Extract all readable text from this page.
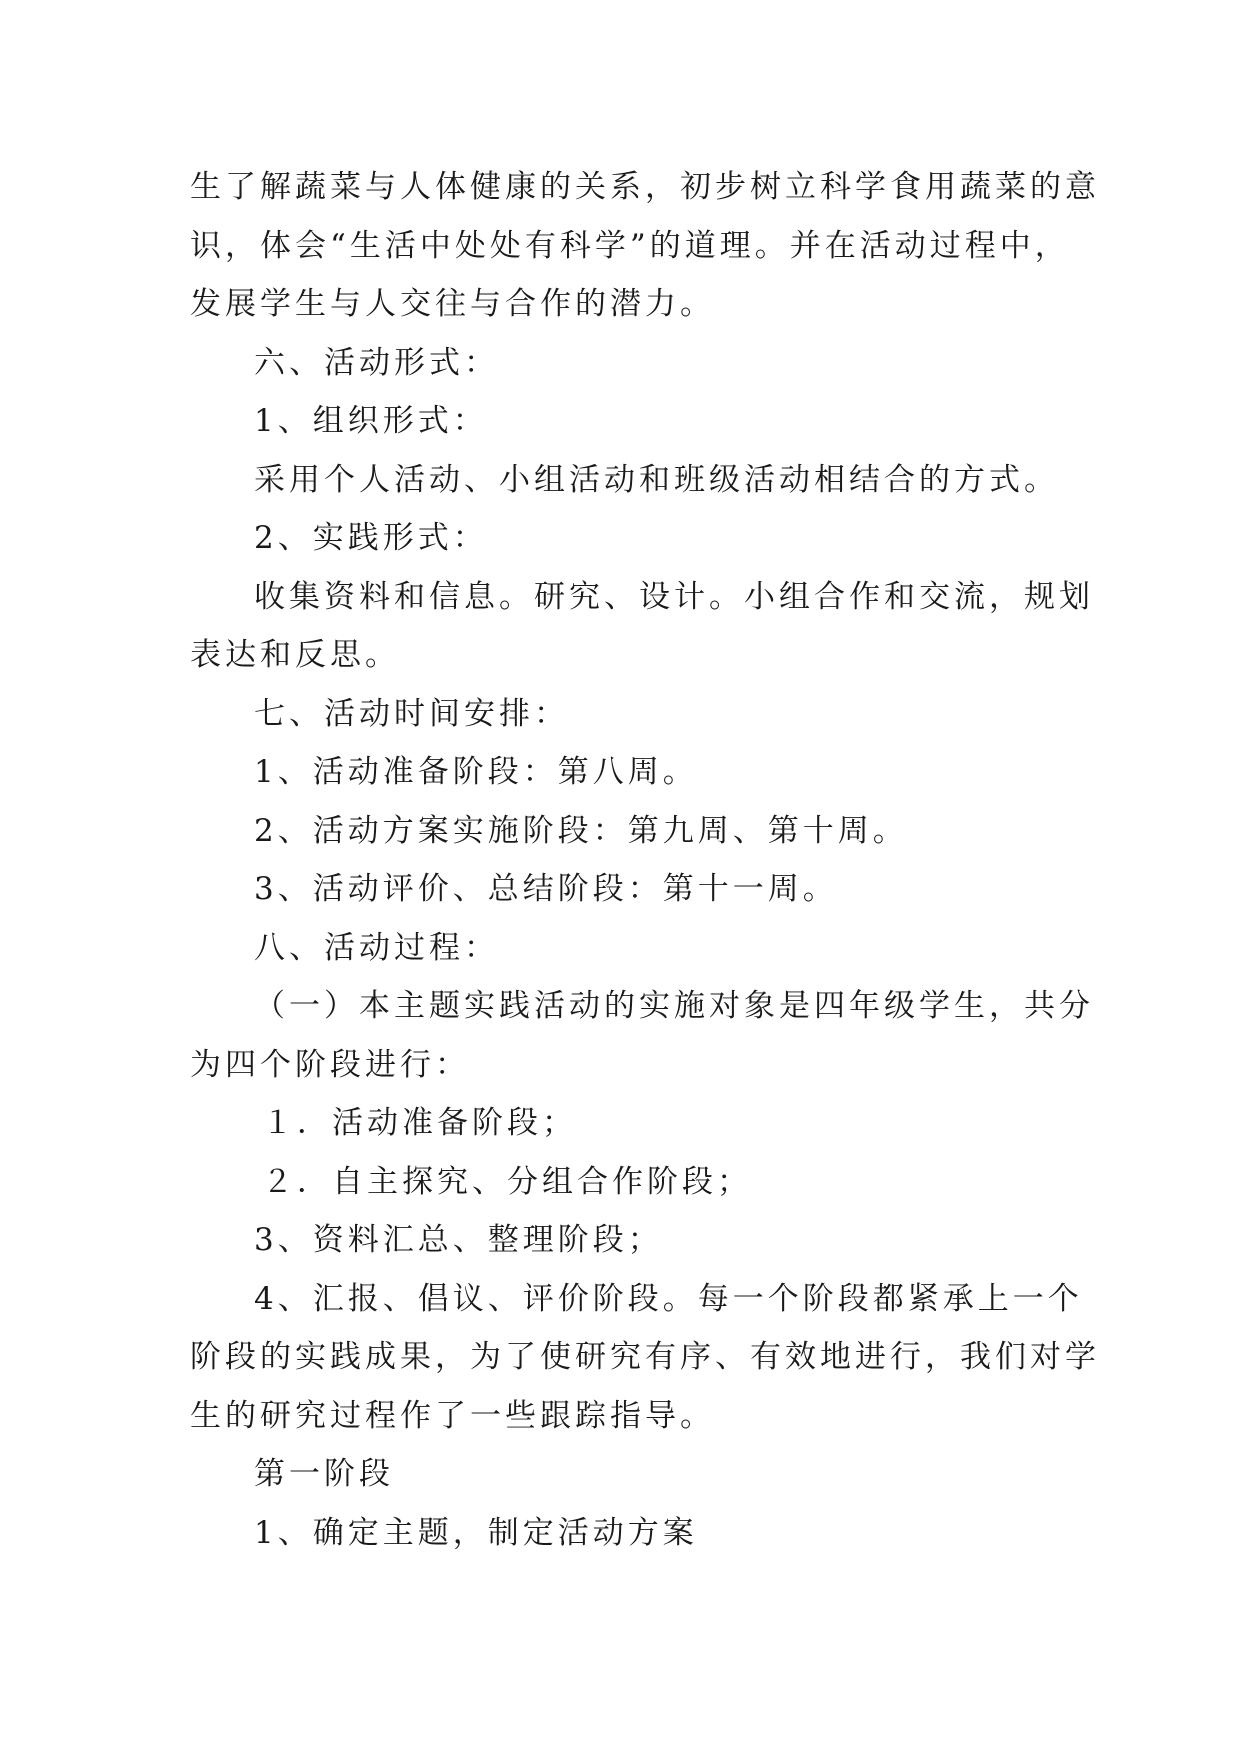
生了解蔬菜与人体健康的关系，初步树立科学食用蔬菜的意
识，体会“生活中处处有科学”的道理。并在活动过程中，
发展学生与人交往与合作的潜力。
六、活动形式：
1、组织形式：
采用个人活动、小组活动和班级活动相结合的方式。
2、实践形式：
收集资料和信息。研究、设计。小组合作和交流，规划
表达和反思。
七、活动时间安排：
1、活动准备阶段：第八周。
2、活动方案实施阶段：第九周、第十周。
3、活动评价、总结阶段：第十一周。
八、活动过程：
（一）本主题实践活动的实施对象是四年级学生，共分
为四个阶段进行：
１．活动准备阶段；
２．自主探究、分组合作阶段；
3、资料汇总、整理阶段；
4、汇报、倡议、评价阶段。每一个阶段都紧承上一个
阶段的实践成果，为了使研究有序、有效地进行，我们对学
生的研究过程作了一些跟踪指导。
第一阶段
1、确定主题，制定活动方案
